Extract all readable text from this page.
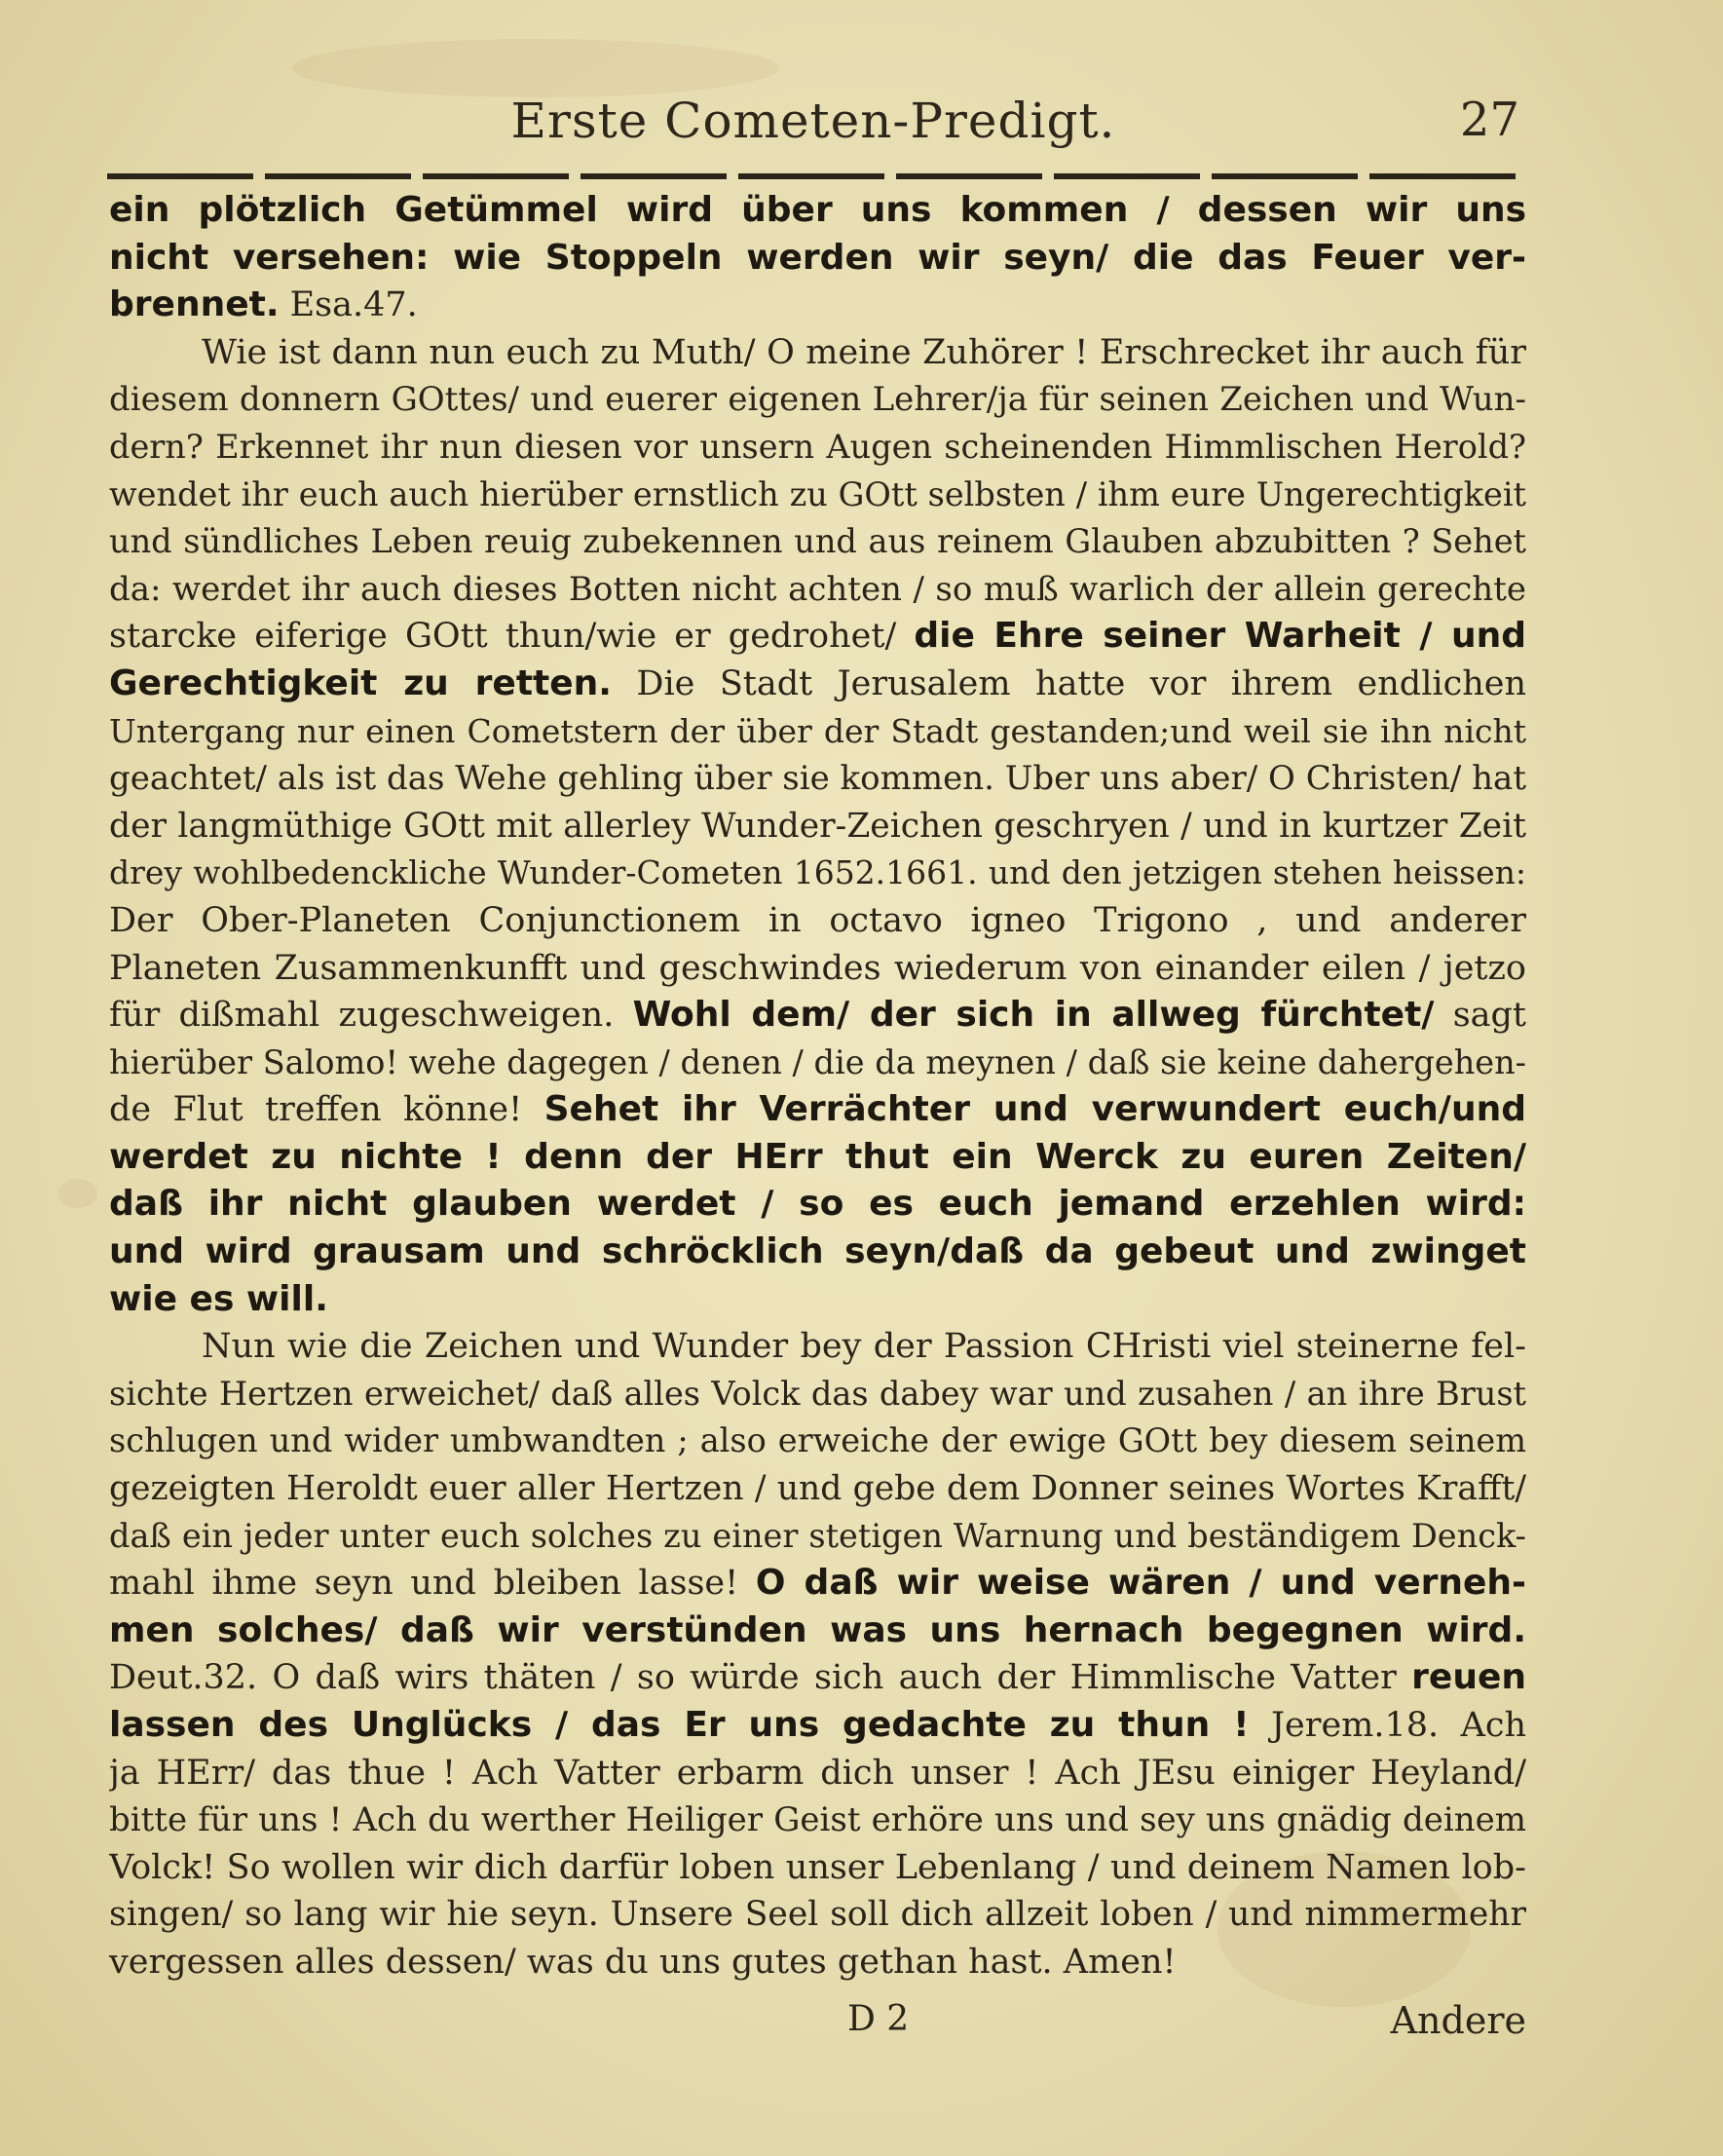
Erste Cometen-Predigt.	27
ein plötzlich Getümmel wird über uns kommen / dessen wir uns
nicht versehen: wie Stoppeln werden wir seyn/ die das Feuer ver-
brennet. Esa.47.
Wie ist dann nun euch zu Muth/ O meine Zuhörer ! Erschrecket ihr auch für
diesem donnern GOttes/ und euerer eigenen Lehrer/ja für seinen Zeichen und Wun-
dern? Erkennet ihr nun diesen vor unsern Augen scheinenden Himmlischen Herold?
wendet ihr euch auch hierüber ernstlich zu GOtt selbsten / ihm eure Ungerechtigkeit
und sündliches Leben reuig zubekennen und aus reinem Glauben abzubitten ? Sehet
da: werdet ihr auch dieses Botten nicht achten / so muß warlich der allein gerechte
starcke eiferige GOtt thun/wie er gedrohet/ die Ehre seiner Warheit / und
Gerechtigkeit zu retten. Die Stadt Jerusalem hatte vor ihrem endlichen
Untergang nur einen Cometstern der über der Stadt gestanden;und weil sie ihn nicht
geachtet/ als ist das Wehe gehling über sie kommen. Uber uns aber/ O Christen/ hat
der langmüthige GOtt mit allerley Wunder-Zeichen geschryen / und in kurtzer Zeit
drey wohlbedenckliche Wunder-Cometen 1652.1661. und den jetzigen stehen heissen:
Der Ober-Planeten Conjunctionem in octavo igneo Trigono , und anderer
Planeten Zusammenkunfft und geschwindes wiederum von einander eilen / jetzo
für dißmahl zugeschweigen. Wohl dem/ der sich in allweg fürchtet/ sagt
hierüber Salomo! wehe dagegen / denen / die da meynen / daß sie keine dahergehen-
de Flut treffen könne! Sehet ihr Verrächter und verwundert euch/und
werdet zu nichte ! denn der HErr thut ein Werck zu euren Zeiten/
daß ihr nicht glauben werdet / so es euch jemand erzehlen wird:
und wird grausam und schröcklich seyn/daß da gebeut und zwinget
wie es will.
Nun wie die Zeichen und Wunder bey der Passion CHristi viel steinerne fel-
sichte Hertzen erweichet/ daß alles Volck das dabey war und zusahen / an ihre Brust
schlugen und wider umbwandten ; also erweiche der ewige GOtt bey diesem seinem
gezeigten Heroldt euer aller Hertzen / und gebe dem Donner seines Wortes Krafft/
daß ein jeder unter euch solches zu einer stetigen Warnung und beständigem Denck-
mahl ihme seyn und bleiben lasse! O daß wir weise wären / und verneh-
men solches/ daß wir verstünden was uns hernach begegnen wird.
Deut.32. O daß wirs thäten / so würde sich auch der Himmlische Vatter reuen
lassen des Unglücks / das Er uns gedachte zu thun ! Jerem.18. Ach
ja HErr/ das thue ! Ach Vatter erbarm dich unser ! Ach JEsu einiger Heyland/
bitte für uns ! Ach du werther Heiliger Geist erhöre uns und sey uns gnädig deinem
Volck! So wollen wir dich darfür loben unser Lebenlang / und deinem Namen lob-
singen/ so lang wir hie seyn. Unsere Seel soll dich allzeit loben / und nimmermehr
vergessen alles dessen/ was du uns gutes gethan hast. Amen!
D 2	Andere
